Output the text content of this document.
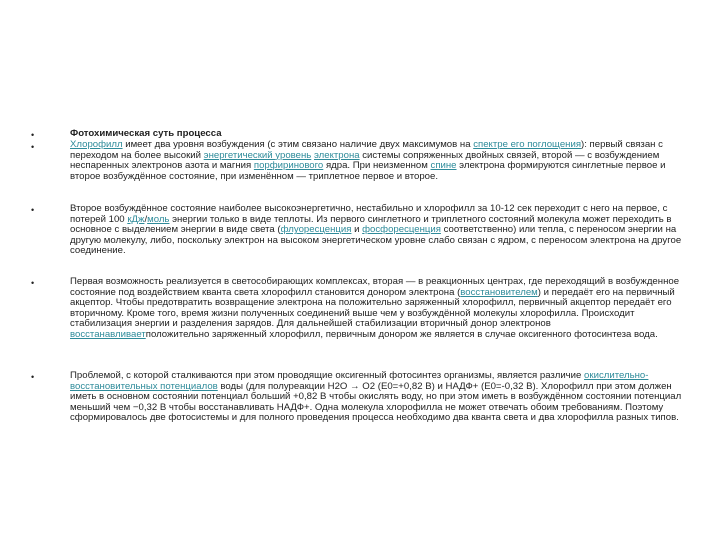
•
•
•
•
•
Фотохимическая суть процесса
Хлорофилл имеет два уровня возбуждения (с этим связано наличие двух максимумов на спектре его поглощения): первый связан с переходом на более высокий энергетический уровень электрона системы сопряженных двойных связей, второй — с возбуждением неспаренных электронов азота и магния порфиринового ядра. При неизменном спине электрона формируются синглетные первое и второе возбуждённое состояние, при изменённом — триплетное первое и второе.
Второе возбуждённое состояние наиболее высокоэнергетично, нестабильно и хлорофилл за 10-12 сек переходит с него на первое, с потерей 100 кДж/моль энергии только в виде теплоты. Из первого синглетного и триплетного состояний молекула может переходить в основное с выделением энергии в виде света (флуоресценция и фосфоресценция соответственно) или тепла, с переносом энергии на другую молекулу, либо, поскольку электрон на высоком энергетическом уровне слабо связан с ядром, с переносом электрона на другое соединение.
Первая возможность реализуется в светособирающих комплексах, вторая — в реакционных центрах, где переходящий в возбужденное состояние под воздействием кванта света хлорофилл становится донором электрона (восстановителем) и передаёт его на первичный акцептор. Чтобы предотвратить возвращение электрона на положительно заряженный хлорофилл, первичный акцептор передаёт его вторичному. Кроме того, время жизни полученных соединений выше чем у возбуждённой молекулы хлорофилла. Происходит стабилизация энергии и разделения зарядов. Для дальнейшей стабилизации вторичный донор электронов восстанавливаетположительно заряженный хлорофилл, первичным донором же является в случае оксигенного фотосинтеза вода.
Проблемой, с которой сталкиваются при этом проводящие оксигенный фотосинтез организмы, является различие окислительно-восстановительных потенциалов воды (для полуреакции H2O → O2 (E0=+0,82 В) и НАДФ+ (E0=-0,32 В). Хлорофилл при этом должен иметь в основном состоянии потенциал больший +0,82 В чтобы окислять воду, но при этом иметь в возбуждённом состоянии потенциал меньший чем −0,32 В чтобы восстанавливать НАДФ+. Одна молекула хлорофилла не может отвечать обоим требованиям. Поэтому сформировалось две фотосистемы и для полного проведения процесса необходимо два кванта света и два хлорофилла разных типов.
